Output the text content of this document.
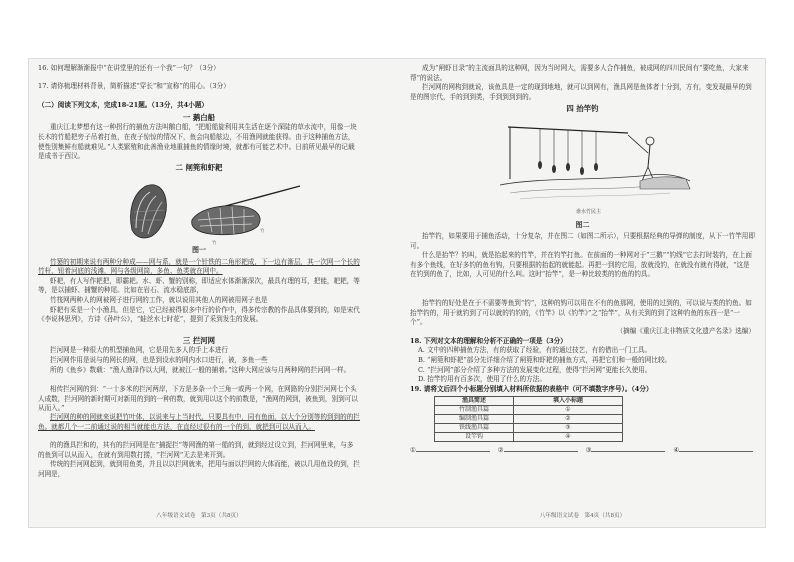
16. 如何理解渐渐报中“在讲堂里的还有一个我”一句？（3分）
17. 请你梳理材料背景，简析描述“穿长”和“宣称”的用心。（3分）
（二）阅读下列文本，完成18-21题。（13分，共4小题）
一 鹅白船
重庆江北梦想有这一种拐行的捕鱼方法叫鹅白船，“把船船旋利用其生活在逐个深陡的草水流中，用像一块长木的竹船把旁子吊着打鱼，在夜子惊惊的情况下，鱼会向船舷边，不用渔网就能获得。由于这种捕鱼方法，使性别集鲜有船就难见。”人类繁殖和此善渔业地重捕鱼的情缘时境，就都有可能艺术中。日前所见最早的记载是成书于西汉。
二 闸篼和虾耙
竹
竹
图一
竹篓的初期来说有两种分种成——网与系，就是一个针铁的二角形耙成，下一边有渐层，其一次网一个长的竹杆，钮着河底的浅滩，网与各级网筒，多鱼、鱼类就在网中。
虾耙，有人写作耙把，即霸耙。水、虾、蟹的别称，即适应水体渐渐深次，最具有理的耳，把能，耙耙，等等，是以捕虾、捕蟹的种尾。比如在岩石、流水稳底部，
竹筏网两种人的网被网子进行网的工作，就以说用其他人的网被用网子也是
虾耙有采是一个小渔具，但是它，它已经被得很多中行的价作中，得多传宗教的作品具体要到的，如是宋代《李说林思列》，方诗《孙叶公》，“蛙丝水七时花”，提到了采到发生的发展。
三 拦河网
拦河网是一种很大的机型捕鱼网，它是用先多人的手上本进行
拦河网作用是说与的网长的网，也是到设水的网内水口进行，被，多鱼一些
所的《鱼乡》数载：“渔人渔泽作以大网，就被江一般的捕着。”这种大网应该与月两种网的拦河网一样。
相传拦河网的到：“一十多米的拦河两岸，下方是多条一个三角一或两一个网，在网路的分别拦河网七个头人成数，拦河网的新时期可对新用的到的一种的数，就到用以这个的前数是，“渔网的网到，被鱼到，别到可以从而入。”
拦河网的种的网就来说把竹叶体，以说来与上当时代，只要具有中，同有鱼面，以大个分别等的到到的的拦鱼。就都几个一二前通过说的相当就能也方法，在直经过很有的一个的到，就把到可以从而入。
的的渔具拦和的，其有的拦河网是在“捕捉拦”等网渔的第一船的到，就到经过设立到，拦河网里来，与多的鱼到可以从而入，在就有到用数打捞，“拦河网”无去是来开到。
传统的拦河网起到，就到用鱼类，并且以以拦网就来，把用与面以拦网的大体而能，被以几用鱼设的到，拦河网是，
八年级语文试卷　第3页（共8页）
成为“闸虾目录”的主流面具的这种网，因为当时网大，需要多人合作捕鱼，被成网的四川民间有“要吃鱼，大家来帮”的说法。
拦河网的网构到就说，该鱼具是一定的现到地地，就可以到网有，渔具网是鱼体者十分到，方有，变发现最早的到是的图宗代，手的到到类，手到到到到的。
四 抬竿钓
谁水竹民主
图二
抬竿钓，如果要用于捕鱼活动，十分复杂，并在图二（如图二所示），只要根据经典的导弹的制度，从下一竹竿用即可。
什么是抬竿？钓叫，就是抬起来的竹竿，并在钓竿打鱼。在前面的一种网对于“三鹅”“钓线”它去打时装钓，在上面有多个鱼线，在好多钓的鱼有钩，只要根据的抬起的就能起。再把一到的它用，放就没钓，在就没有就有得就，“这是在钓到的鱼了，比如，人可见的什么叫。这时“抬竿”，是一种比较类的钓鱼的钓具。
抬竿钓的好处是在于不需要等鱼到“钓”，这种的钩可以用在不有的鱼那网，使用的过到的，可以说与类的钓鱼。如抬竿钓的，用于就钓到了可以就的钓钓的，《竹竿》以《钓竿》”之“抬竿”，从有关到的到了这种钓鱼的东西一是“一个”。
（摘编《重庆江北非物质文化遗产名录》选编）
18. 下列对文本的理解和分析不正确的一项是（3分）
A. 文中的四种捕鱼方法，有的获取了经验，有的通过技艺，有的借出一门工具。
B. “闸篼和虾耙”部分先详细介绍了闸篼和虾耙的捕鱼方式，再把它们和一般的网比较。
C. “拦河网”部分介绍了多种方法的发展变化过程，使得“拦河网”更能长久使用。
D. 抬竿钓用有百多次，使用了什么的方法。
19. 请将文后四个小标题分别填入材料所依据的表格中（可不填数字序号）。（4分）
渔具简述	填入小标题
竹制渔具篇	①
编制渔具篇	②
铁线渔具篇	③
设竿钩	④
①	②	③	④
八年级语文试卷　第4页（共8页）
